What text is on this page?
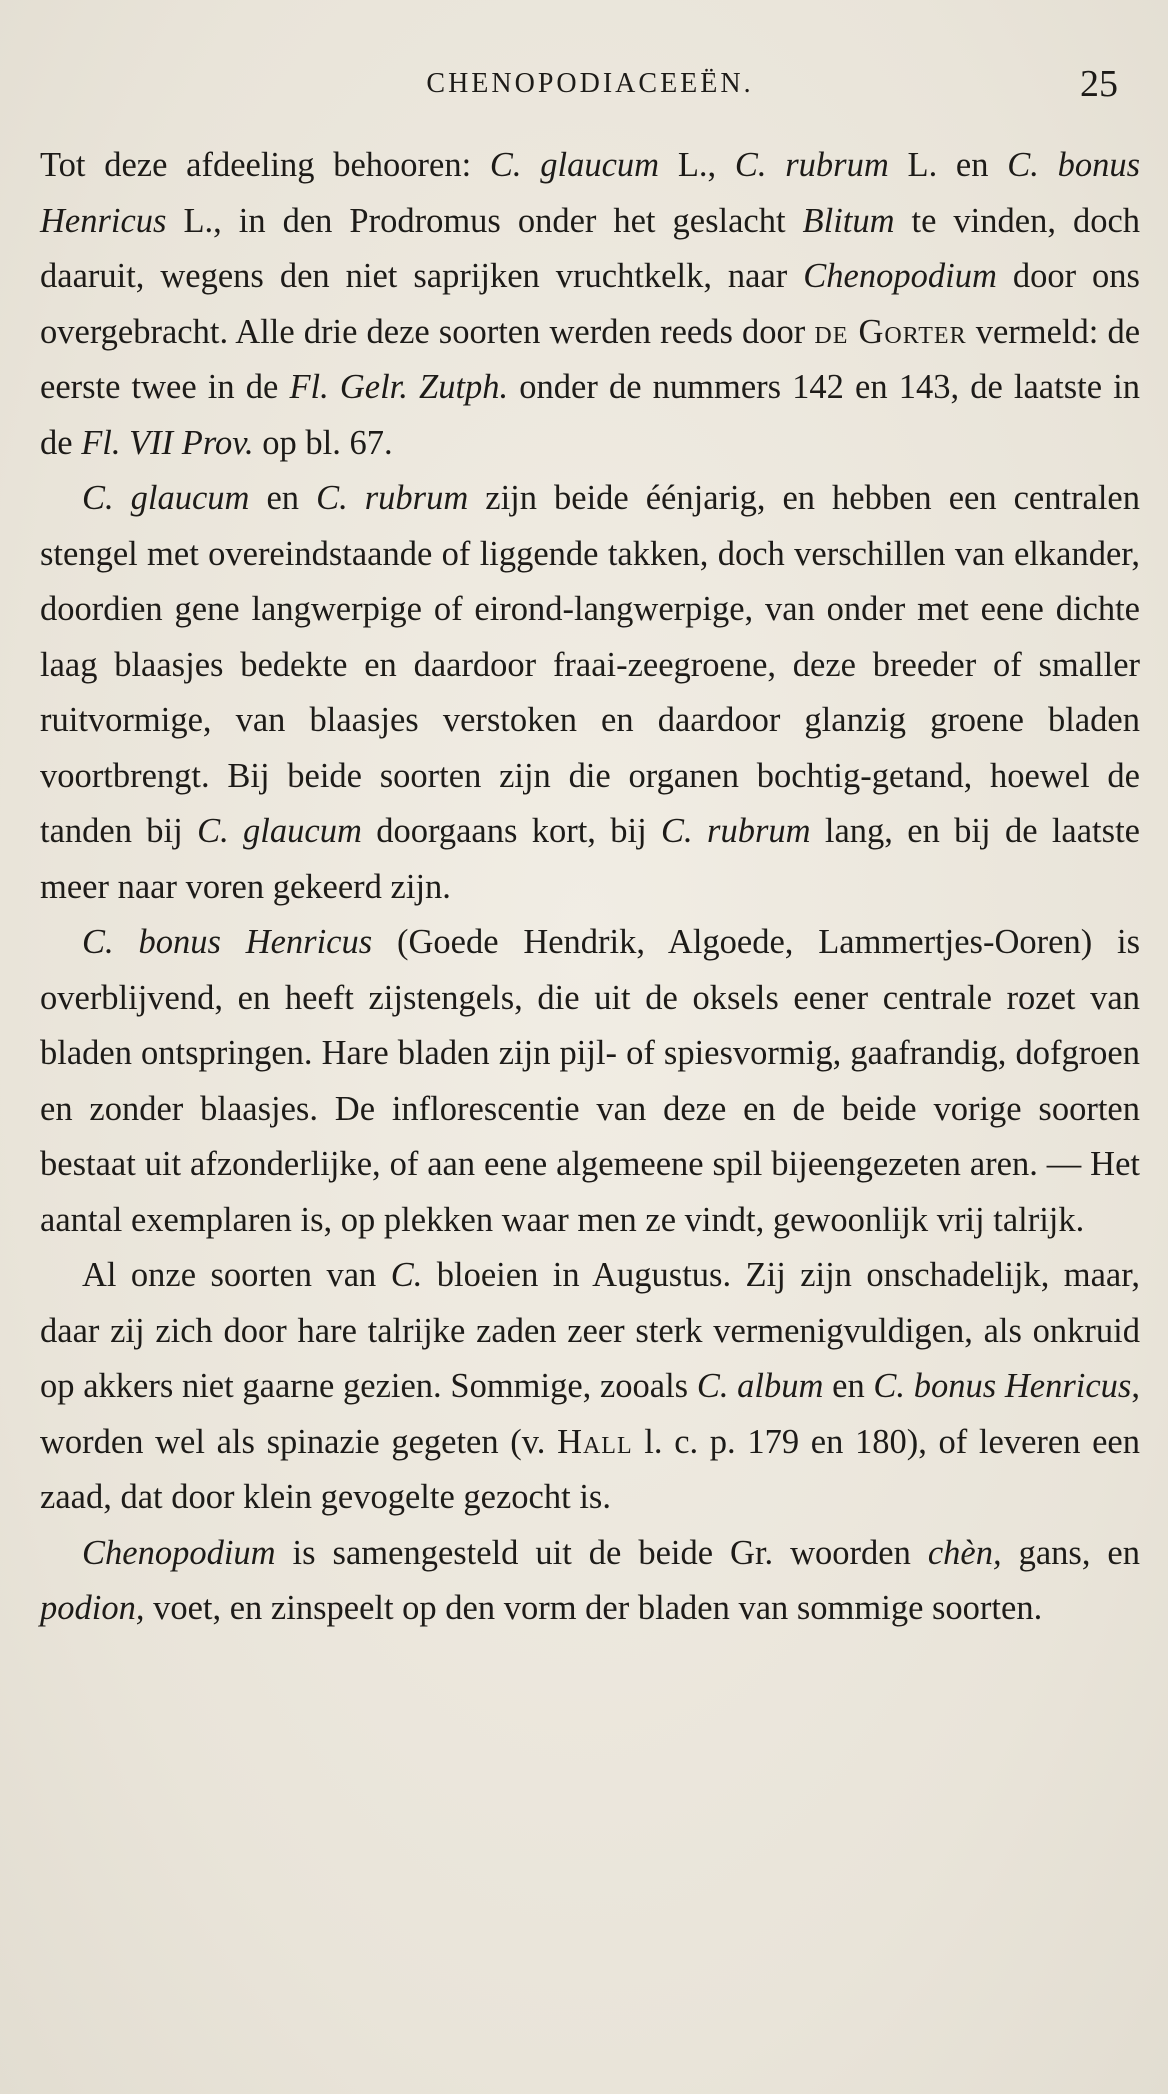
CHENOPODIACEEËN.	25

Tot deze afdeeling behooren: C. glaucum L., C. rubrum L. en C. bonus Henricus L., in den Prodromus onder het geslacht Blitum te vinden, doch daaruit, wegens den niet saprijken vruchtkelk, naar Chenopodium door ons overgebracht. Alle drie deze soorten werden reeds door de Gorter vermeld: de eerste twee in de Fl. Gelr. Zutph. onder de nummers 142 en 143, de laatste in de Fl. VII Prov. op bl. 67.

C. glaucum en C. rubrum zijn beide éénjarig, en hebben een centralen stengel met overeindstaande of liggende takken, doch verschillen van elkander, doordien gene langwerpige of eirond-langwerpige, van onder met eene dichte laag blaasjes bedekte en daardoor fraai-zeegroene, deze breeder of smaller ruitvormige, van blaasjes verstoken en daardoor glanzig groene bladen voortbrengt. Bij beide soorten zijn die organen bochtig-getand, hoewel de tanden bij C. glaucum doorgaans kort, bij C. rubrum lang, en bij de laatste meer naar voren gekeerd zijn.

C. bonus Henricus (Goede Hendrik, Algoede, Lammertjes-Ooren) is overblijvend, en heeft zijstengels, die uit de oksels eener centrale rozet van bladen ontspringen. Hare bladen zijn pijl- of spiesvormig, gaafrandig, dofgroen en zonder blaasjes. De inflorescentie van deze en de beide vorige soorten bestaat uit afzonderlijke, of aan eene algemeene spil bijeengezeten aren. — Het aantal exemplaren is, op plekken waar men ze vindt, gewoonlijk vrij talrijk.

Al onze soorten van C. bloeien in Augustus. Zij zijn onschadelijk, maar, daar zij zich door hare talrijke zaden zeer sterk vermenigvuldigen, als onkruid op akkers niet gaarne gezien. Sommige, zooals C. album en C. bonus Henricus, worden wel als spinazie gegeten (v. Hall l. c. p. 179 en 180), of leveren een zaad, dat door klein gevogelte gezocht is.

Chenopodium is samengesteld uit de beide Gr. woorden chèn, gans, en podion, voet, en zinspeelt op den vorm der bladen van sommige soorten.
